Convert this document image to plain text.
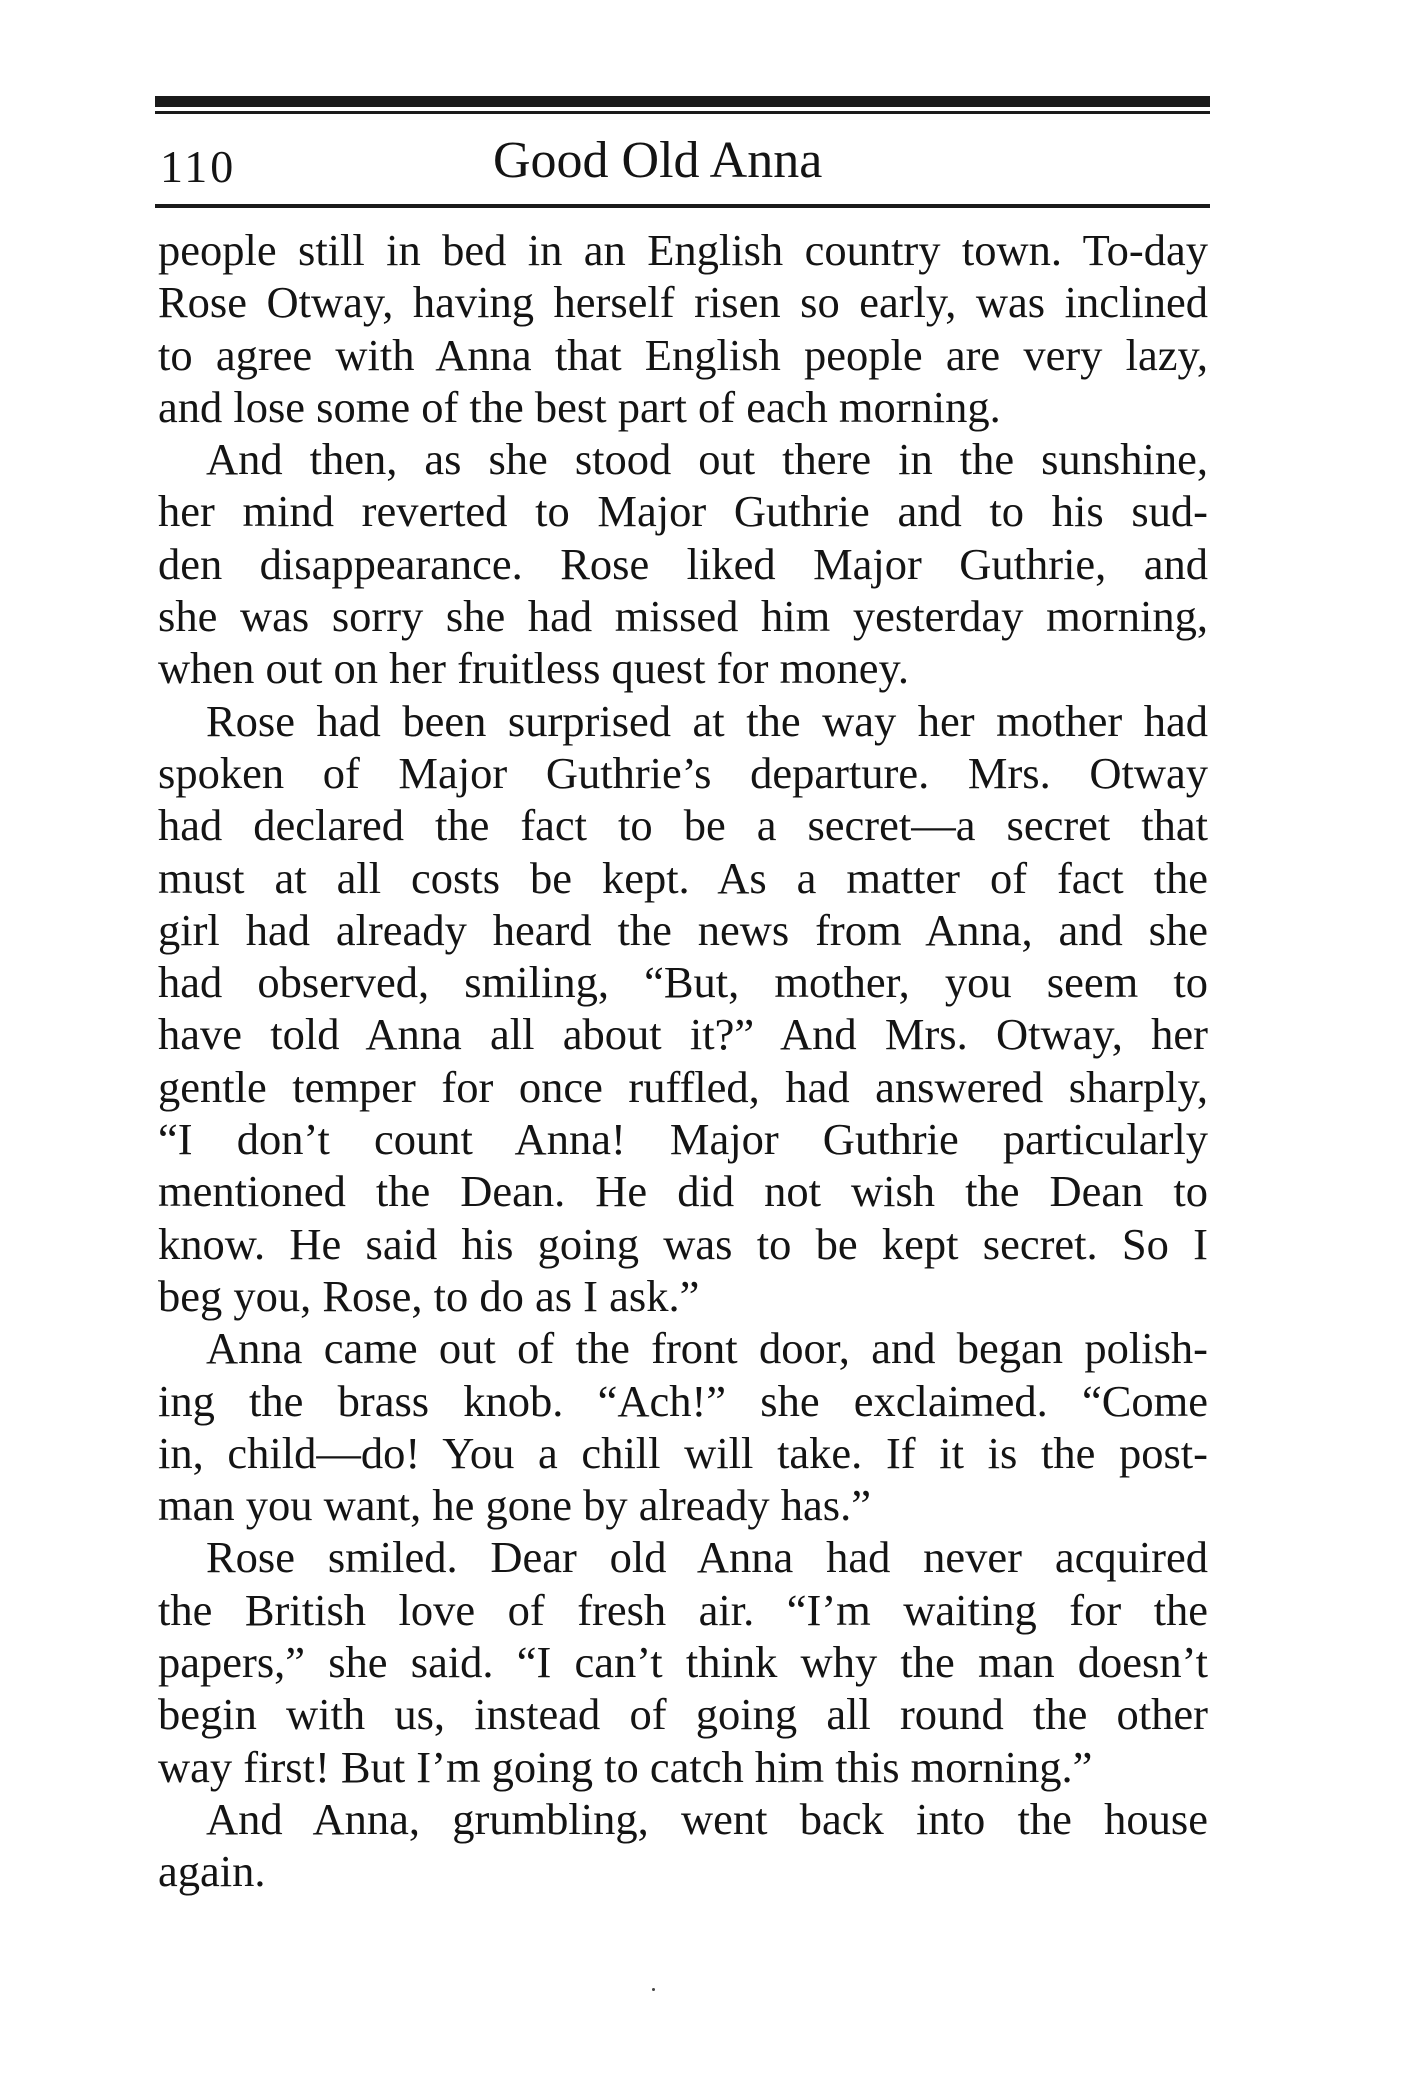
110	Good Old Anna
people still in bed in an English country town. To-day
Rose Otway, having herself risen so early, was inclined
to agree with Anna that English people are very lazy,
and lose some of the best part of each morning.
And then, as she stood out there in the sunshine,
her mind reverted to Major Guthrie and to his sud-
den disappearance. Rose liked Major Guthrie, and
she was sorry she had missed him yesterday morning,
when out on her fruitless quest for money.
Rose had been surprised at the way her mother had
spoken of Major Guthrie’s departure. Mrs. Otway
had declared the fact to be a secret—a secret that
must at all costs be kept. As a matter of fact the
girl had already heard the news from Anna, and she
had observed, smiling, “But, mother, you seem to
have told Anna all about it?” And Mrs. Otway, her
gentle temper for once ruffled, had answered sharply,
“I don’t count Anna! Major Guthrie particularly
mentioned the Dean. He did not wish the Dean to
know. He said his going was to be kept secret. So I
beg you, Rose, to do as I ask.”
Anna came out of the front door, and began polish-
ing the brass knob. “Ach!” she exclaimed. “Come
in, child—do! You a chill will take. If it is the post-
man you want, he gone by already has.”
Rose smiled. Dear old Anna had never acquired
the British love of fresh air. “I’m waiting for the
papers,” she said. “I can’t think why the man doesn’t
begin with us, instead of going all round the other
way first! But I’m going to catch him this morning.”
And Anna, grumbling, went back into the house
again.
